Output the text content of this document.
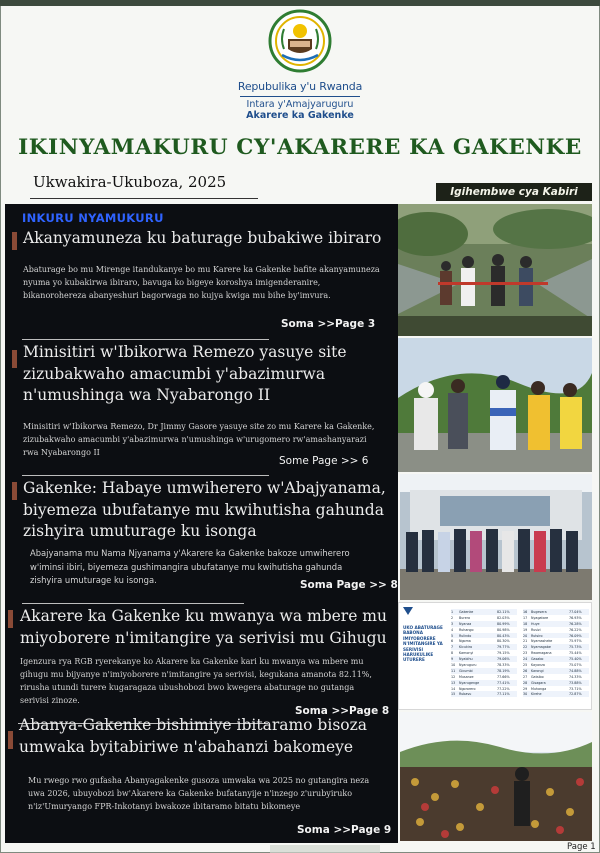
Repubulika y'u Rwanda
Intara y'Amajyaruguru
Akarere ka Gakenke
IKINYAMAKURU CY'AKARERE KA GAKENKE
Ukwakira-Ukuboza, 2025
Igihembwe cya Kabiri
INKURU NYAMUKURU
Akanyamuneza ku baturage bubakiwe ibiraro
Abaturage bo mu Mirenge itandukanye bo mu Karere ka Gakenke bafite akanyamuneza nyuma yo kubakirwa ibiraro, bavuga ko bigeye koroshya imigenderanire, bikanorohereza abanyeshuri bagorwaga no kujya kwiga mu bihe by'imvura.
Soma >>Page 3
Minisitiri w'Ibikorwa Remezo yasuye site zizubakwaho amacumbi y'abazimurwa n'umushinga wa Nyabarongo II
Minisitiri w'Ibikorwa Remezo, Dr Jimmy Gasore yasuye site zo mu Karere ka Gakenke, zizubakwaho amacumbi y'abazimurwa n'umushinga w'urugomero rw'amashanyarazi rwa Nyabarongo II
Some Page >> 6
Gakenke: Habaye umwiherero w'Abajyanama, biyemeza ubufatanye mu kwihutisha gahunda zishyira umuturage ku isonga
Abajyanama mu Nama Njyanama y'Akarere ka Gakenke bakoze umwiherero w'iminsi ibiri, biyemeza gushimangira ubufatanye mu kwihutisha gahunda zishyira umuturage ku isonga.	Soma Page >> 8
Akarere ka Gakenke ku mwanya wa mbere mu miyoborere n'imitangire ya serivisi mu Gihugu
Igenzura rya RGB ryerekanye ko Akarere ka Gakenke kari ku mwanya wa mbere mu gihugu mu bijyanye n'imiyoborere n'imitangire ya serivisi, kegukana amanota 82.11%, rirusha utundi turere kugaragaza ubushobozi bwo kwegera abaturage no gutanga serivisi zinoze.
Soma >>Page 8
Abanya-Gakenke bishimiye ibitaramo bisoza umwaka byitabiriwe n'abahanzi bakomeye
Mu rwego rwo gufasha Abanyagakenke gusoza umwaka wa 2025 no gutangira neza uwa 2026, ubuyobozi bw'Akarere ka Gakenke bufatanyije n'inzego z'urubyiruko n'iz'Umuryango FPR-Inkotanyi bwakoze ibitaramo bitatu bikomeye
Soma >>Page 9
UKO ABATURAGE BABONA IMIYOBORERE N'IMITANGIRE YA SERIVISI HARUKULIKE UTURERE
1	Gakenke	82.11%
2	Burera	82.03%
3	Nyanza	80.99%
4	Ruhango	80.98%
5	Rulindo	80.43%
6	Ngoma	80.30%
7	Kicukiro	79.77%
8	Kamonyi	79.15%
9	Nyabihu	79.06%
10	Nyaruguru	78.33%
11	Gicumbi	78.19%
12	Musanze	77.66%
13	Nyarugenge	77.41%
14	Ngororero	77.22%
15	Rubavu	77.11%
16	Bugesera	77.04%
17	Nyagatare	76.93%
18	Huye	76.28%
19	Rusizi	76.22%
20	Rutsiro	76.09%
21	Nyamasheke	75.97%
22	Nyamagabe	75.73%
23	Rwamagana	75.44%
24	Gasabo	75.40%
25	Kayonza	75.07%
26	Karongi	74.88%
27	Gatsibo	74.33%
28	Gisagara	73.88%
29	Muhanga	73.71%
30	Kirehe	72.87%
Page 1
